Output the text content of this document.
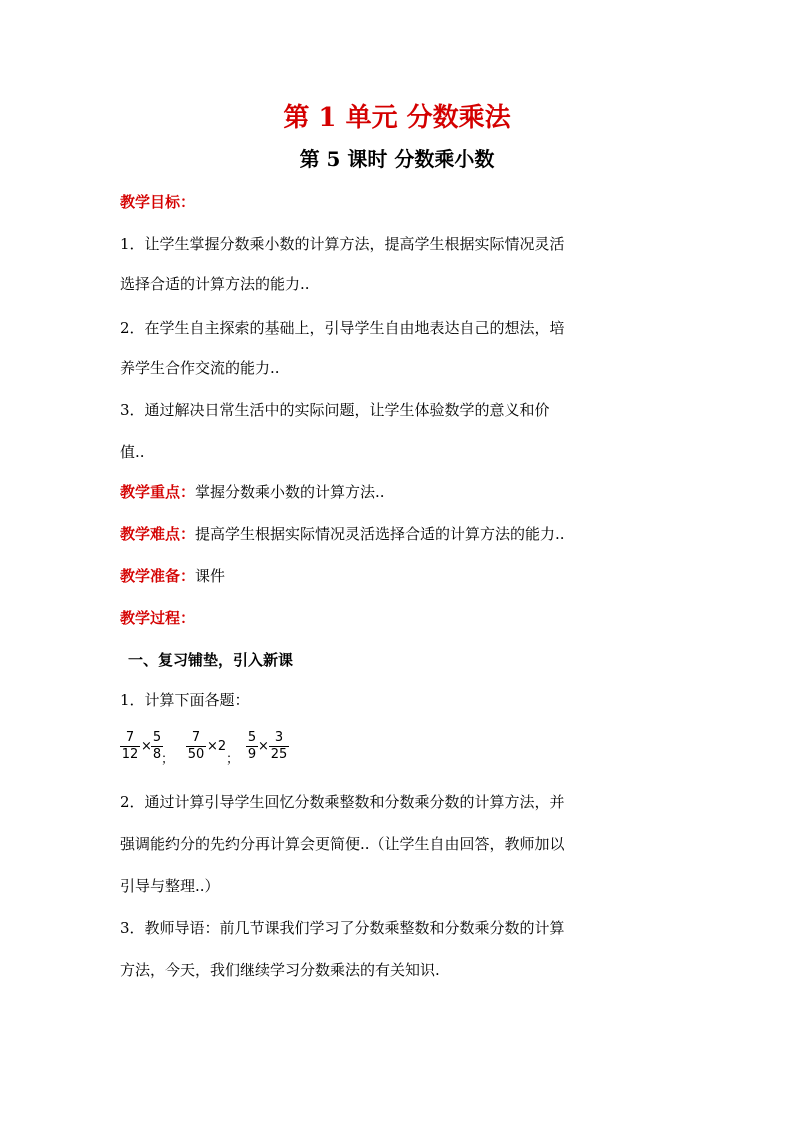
第 1 单元 分数乘法
第 5 课时 分数乘小数
教学目标：
1．让学生掌握分数乘小数的计算方法，提高学生根据实际情况灵活
选择合适的计算方法的能力..
2．在学生自主探索的基础上，引导学生自由地表达自己的想法，培
养学生合作交流的能力..
3．通过解决日常生活中的实际问题，让学生体验数学的意义和价
值..
教学重点：掌握分数乘小数的计算方法..
教学难点：提高学生根据实际情况灵活选择合适的计算方法的能力..
教学准备：课件
教学过程：
一、复习铺垫，引入新课
1．计算下面各题：
7
12
×
5
8 ；
7
50
×2
；
5
9
×
3
25
2．通过计算引导学生回忆分数乘整数和分数乘分数的计算方法，并
强调能约分的先约分再计算会更简便..（让学生自由回答，教师加以
引导与整理..）
3．教师导语：前几节课我们学习了分数乘整数和分数乘分数的计算
方法，今天，我们继续学习分数乘法的有关知识.
